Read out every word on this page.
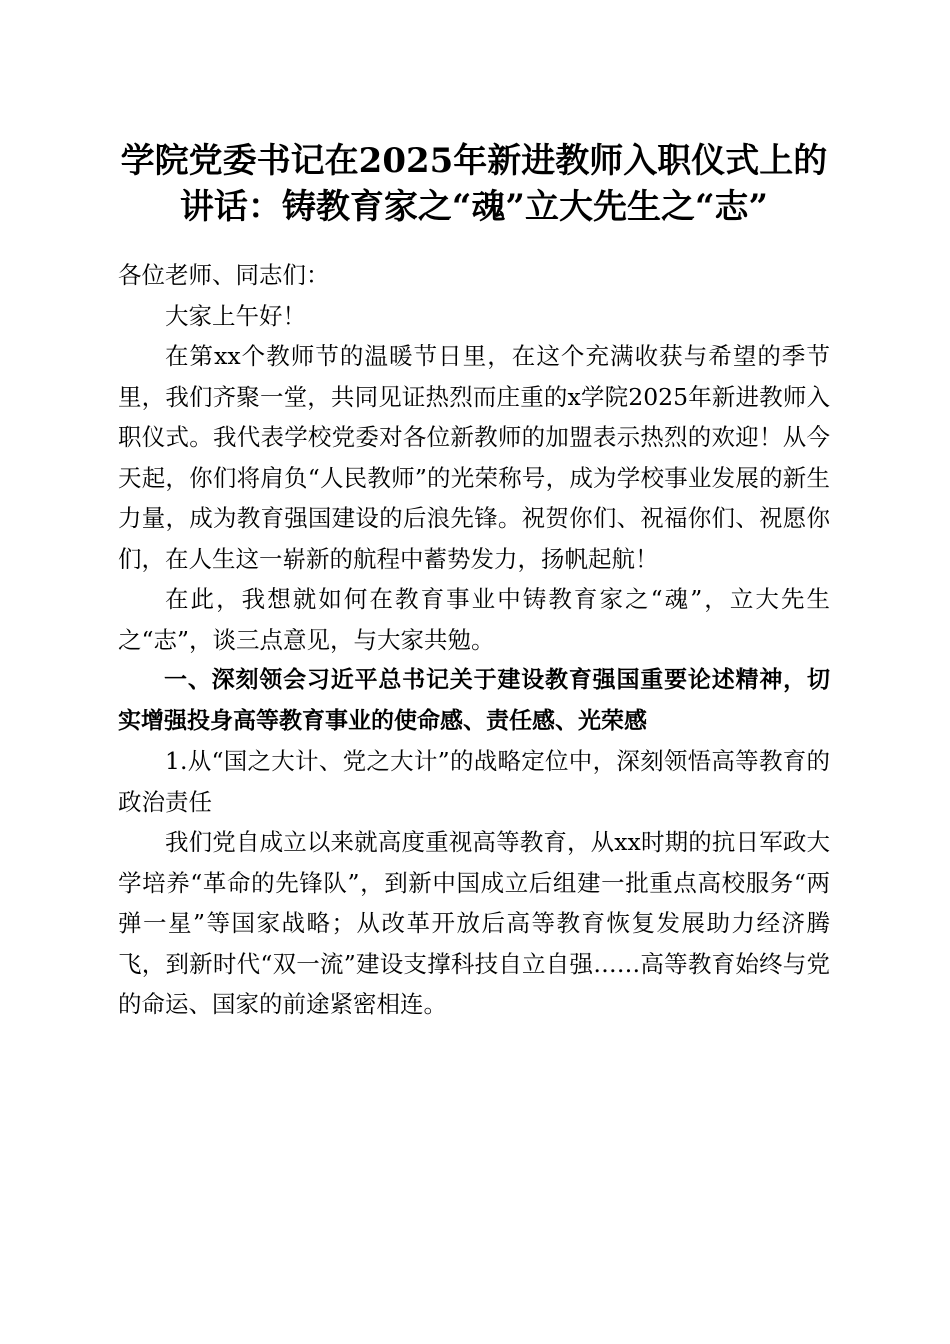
学院党委书记在2025年新进教师入职仪式上的讲话：铸教育家之“魂”立大先生之“志”

各位老师、同志们：

大家上午好！

在第xx个教师节的温暖节日里，在这个充满收获与希望的季节里，我们齐聚一堂，共同见证热烈而庄重的x学院2025年新进教师入职仪式。我代表学校党委对各位新教师的加盟表示热烈的欢迎！从今天起，你们将肩负“人民教师”的光荣称号，成为学校事业发展的新生力量，成为教育强国建设的后浪先锋。祝贺你们、祝福你们、祝愿你们，在人生这一崭新的航程中蓄势发力，扬帆起航！

在此，我想就如何在教育事业中铸教育家之“魂”，立大先生之“志”，谈三点意见，与大家共勉。

一、深刻领会习近平总书记关于建设教育强国重要论述精神，切实增强投身高等教育事业的使命感、责任感、光荣感

1.从“国之大计、党之大计”的战略定位中，深刻领悟高等教育的政治责任

我们党自成立以来就高度重视高等教育，从xx时期的抗日军政大学培养“革命的先锋队”，到新中国成立后组建一批重点高校服务“两弹一星”等国家战略；从改革开放后高等教育恢复发展助力经济腾飞，到新时代“双一流”建设支撑科技自立自强……高等教育始终与党的命运、国家的前途紧密相连。
